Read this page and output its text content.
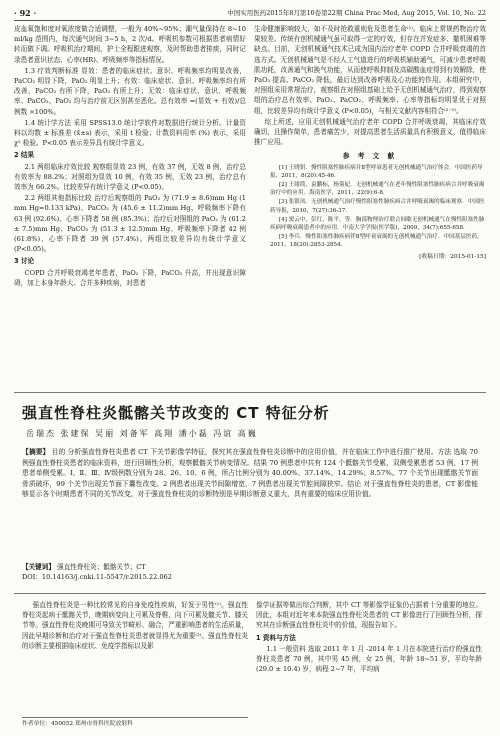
· 92 ·	中国实用医药2015年8月第10卷第22期 China Prac Med, Aug 2015, Vol. 10, No. 22

皮血氧饱和度对氧浓度做合适调整，一般为 40%~95%；潮气量保持在 8~10 ml/kg 范围内，每次通气时间 3~5 h，2 次/d。呼吸机参数可根据患者病情好转而做下调。呼吸机治疗期间，护士全程跟进观察，及时帮助患者排痰，同时记录患者意识状态、心率(HR)、呼吸频率等指标情况。

1.3 疗效判断标准 显效：患者的临床症状、意识、呼吸频率均明显改善，PaCO₂ 明显下降，PaO₂ 明显上升；有效：临床症状、意识、呼吸频率均有所改善，PaCO₂ 有所下降，PaO₂ 有所上升；无效：临床症状、意识、呼吸频率、PaCO₂、PaO₂ 均与治疗前无区别甚至恶化。总有效率 =(显效 + 有效)/总例数 ×100%。

1.4 统计学方法 采用 SPSS13.0 统计学软件对数据进行统计分析。计量资料以均数 ± 标准差 (x̄±s) 表示，采用 t 检验；计数资料用率 (%) 表示，采用 χ² 检验。P<0.05 表示差异具有统计学意义。

2 结果

2.1 两组临床疗效比较 观察组显效 23 例，有效 37 例，无效 8 例，治疗总有效率为 88.2%；对照组为显效 10 例，有效 35 例，无效 23 例，治疗总有效率为 66.2%。比较差异有统计学意义 (P<0.05)。

2.2 两组其他指标比较 治疗后观察组的 PaO₂ 为 (71.9 ± 8.6)mm Hg (1 mm Hg=0.133 kPa)、PaCO₂ 为 (45.6 ± 11.2)mm Hg、呼吸频率下降有 63 例 (92.6%)、心率下降者 58 例 (85.3%)；治疗后对照组的 PaO₂ 为 (61.2 ± 7.5)mm Hg、PaCO₂ 为 (51.3 ± 12.5)mm Hg、呼吸频率下降者 42 例 (61.8%)、心率下降者 39 例 (57.4%)。两组比较差异均有统计学意义 (P<0.05)。

3 讨论

COPD 合并呼吸衰竭老年患者，PaO₂ 下降，PaCO₂ 升高，并出现意识障碍，加上本身年龄大、合并多种疾病，对患者

生命健康影响较大，如不及时抢救重则危及患者生命⁽¹⁾。临床上常规药物治疗效果较差。传统有创机械通气虽可取得一定的疗效，但存在并发症多、撤机困难等缺点。目前，无创机械通气技术已成为国内治疗老年 COPD 合并呼吸衰竭的首选方式。无创机械通气是不经人工气道进行的呼吸机辅助通气，可减少患者呼吸肌功耗，改善通气和换气功能，从而使呼吸抑制及高碳酸血症得到有效解除，使 PaO₂ 提高、PaCO₂ 降低，最后达到改善呼吸及心功能的作用。本组研究中，对照组采用常规治疗，观察组在对照组基础上给予无创机械通气治疗，得到观察组的治疗总有效率、PaO₂、PaCO₂、呼吸频率、心率等指标均明显优于对照组，比较差异均有统计学意义 (P<0.05)，与相关文献内容相符合⁽²⁻⁵⁾。

综上所述，应用无创机械通气治疗老年 COPD 合并呼吸衰竭，其临床疗效确切，且操作简单，患者痛苦少，对提高患者生活质量具有积极意义，值得临床推广应用。

参 考 文 献

[1] 王晓钥．慢性阻塞性肺疾病并Ⅱ型呼衰患者无创机械通气治疗体会．中国医药导报，2011，8(20):45-46．

[2] 王绪简，袁鹏标，杨菊妃．无创机械通气在老年慢性阻塞性肺疾病合并呼吸衰竭治疗中的应用．海南医学，2011，22(9):6-8．

[3] 张银凤．无创机械通气治疗慢性阻塞性肺疾病合并呼吸衰竭的临床观察．中国医药导报，2010，7(27):36-37．

[4] 窦云中，彭红，陈平，等．胸部物理治疗联合间歇无创机械通气在慢性阻塞性肺疾病呼吸衰竭患者中的应用．中南大学学报(医学版)，2009，34(7):655-658．

[5] 李兵．慢性阻塞性肺疾病伴Ⅱ型呼衰衰竭的无创机械通气治疗．中国基层医药，2011，18(20):2853-2854．

[收稿日期：2015-01-15]
强直性脊柱炎骶髂关节改变的 CT 特征分析
岳瑞杰 张建保 吴丽 刘备军 高翔 潘小磊 冯谊 高巍
【摘要】 目的 分析强直性脊柱炎患者 CT 下关节影像学特征，探究其在强直性脊柱炎诊断中的应用价值，并在临床工作中进行推广使用。方法 选取 70 例强直性脊柱炎患者的临床资料，进行回顾性分析，观察骶髂关节病变情况。结果 70 例患者中共有 124 个骶髂关节受累，双侧受累患者 53 例，17 例患者单侧受累。Ⅰ、Ⅱ、Ⅲ、Ⅳ级例数分别为 28、26、10、6 例，所占比例分别为 40.00%、37.14%、14.29%、8.57%。77 个关节出现骶髂关节面骨质破坏，99 个关节出现关节面下囊性改变。2 例患者出现关节间隙增宽，7 例患者出现关节腔间隙狭窄。结论 对于强直性脊柱炎的患者，CT 影像能够显示各个时期患者不同的关节改变，对于强直性脊柱炎的诊断特别是早期诊断意义重大，具有重要的临床应用价值。
【关键词】 强直性脊柱炎；骶髂关节；CT
DOI：10.14163/j.cnki.11-5547/r.2015.22.062

强直性脊柱炎是一种比较常见的自身免疫性疾病，好发于男性⁽¹⁾。强直性脊柱炎起病于骶髂关节，晚期病变向上可累及脊椎，向下可累及髋关节、膝关节等。强直性脊柱炎晚期可导致关节畸形、融合，严重影响患者的生活质量，因此早期诊断和治疗对于强直性脊柱炎患者就显得尤为重要⁽²⁾。强直性脊柱炎的诊断主要根据临床症状、免疫学指标以及影

像学证据等做出综合判断，其中 CT 等影像学征象仍占据着十分重要的地位。因此，本组对近年来本院强直性脊柱炎患者的 CT 影像进行了回顾性分析，探究其在诊断强直性脊柱炎中的价值，现报告如下。

1 资料与方法

1.1 一般资料 选取 2011 年 1 月 -2014 年 1 月在本院进行治疗的强直性脊柱炎患者 70 例，其中男 45 例，女 25 例，年龄 18~51 岁，平均年龄 (29.0 ± 10.4) 岁，病程 2~7 年，平均病

作者单位：450052 郑州市骨科医院放射科
